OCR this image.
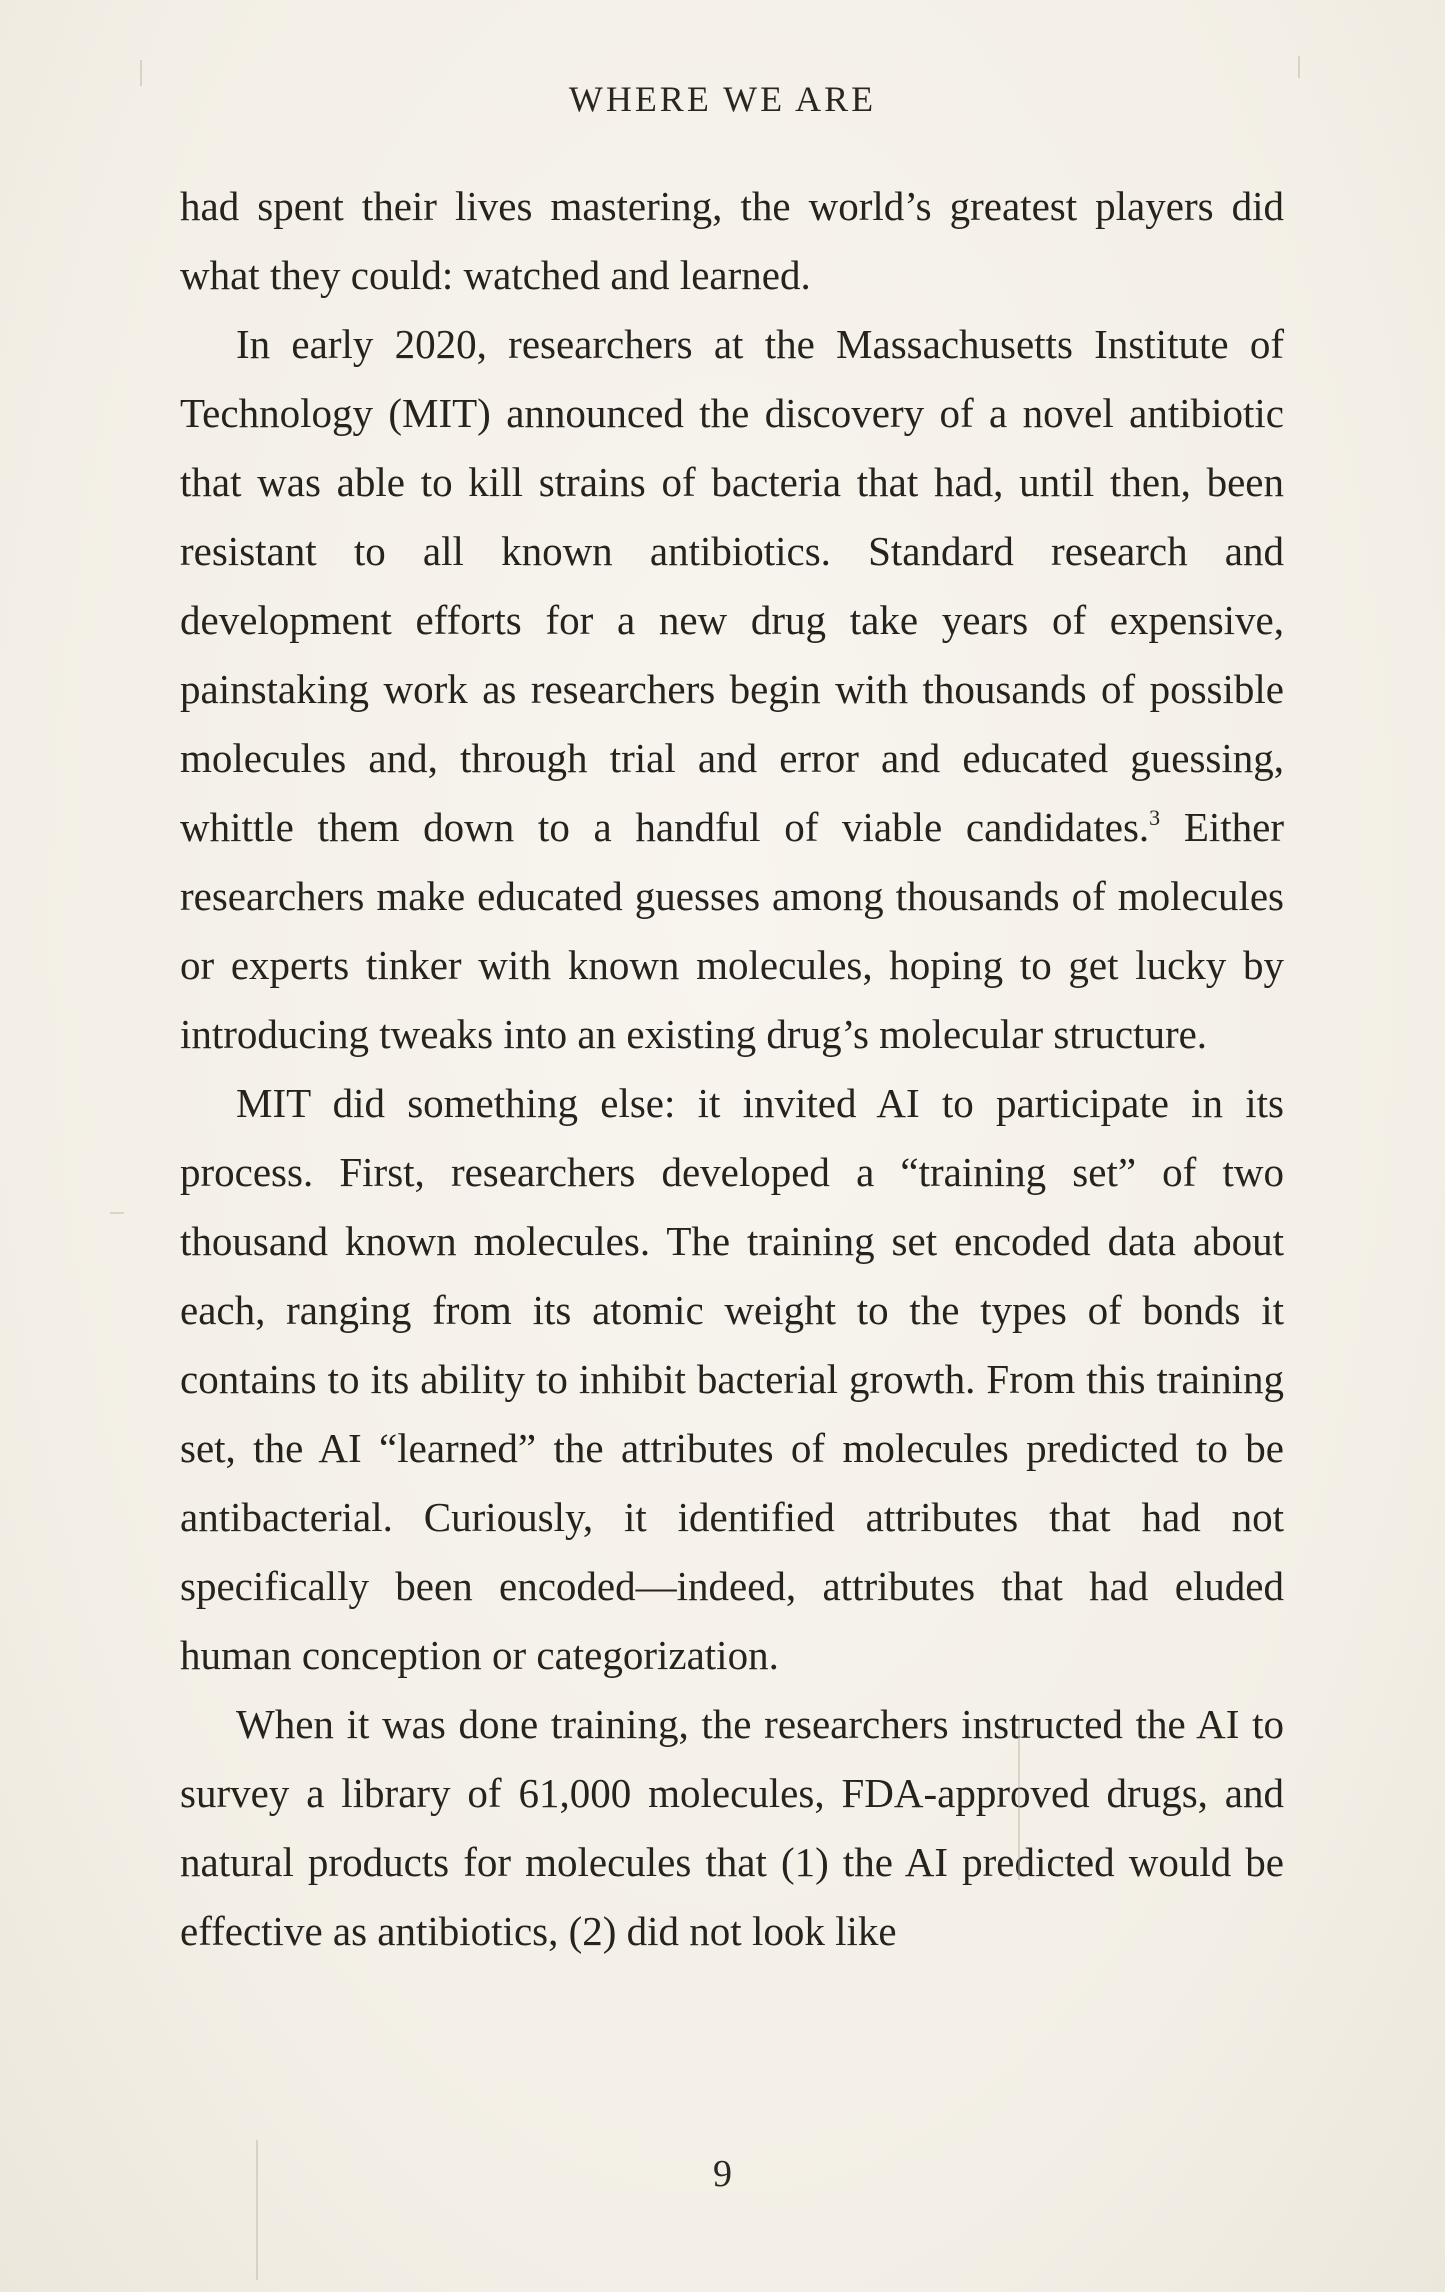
WHERE WE ARE

had spent their lives mastering, the world’s greatest players did what they could: watched and learned.

In early 2020, researchers at the Massachusetts Institute of Technology (MIT) announced the discovery of a novel antibiotic that was able to kill strains of bacteria that had, until then, been resistant to all known antibiotics. Standard research and development efforts for a new drug take years of expensive, painstaking work as researchers begin with thousands of possible molecules and, through trial and error and educated guessing, whittle them down to a handful of viable candidates.$^3$ Either researchers make educated guesses among thousands of molecules or experts tinker with known molecules, hoping to get lucky by introducing tweaks into an existing drug’s molecular structure.

MIT did something else: it invited AI to participate in its process. First, researchers developed a “training set” of two thousand known molecules. The training set encoded data about each, ranging from its atomic weight to the types of bonds it contains to its ability to inhibit bacterial growth. From this training set, the AI “learned” the attributes of molecules predicted to be antibacterial. Curiously, it identified attributes that had not specifically been encoded—indeed, attributes that had eluded human conception or categorization.

When it was done training, the researchers instructed the AI to survey a library of 61,000 molecules, FDA-approved drugs, and natural products for molecules that (1) the AI predicted would be effective as antibiotics, (2) did not look like

9
